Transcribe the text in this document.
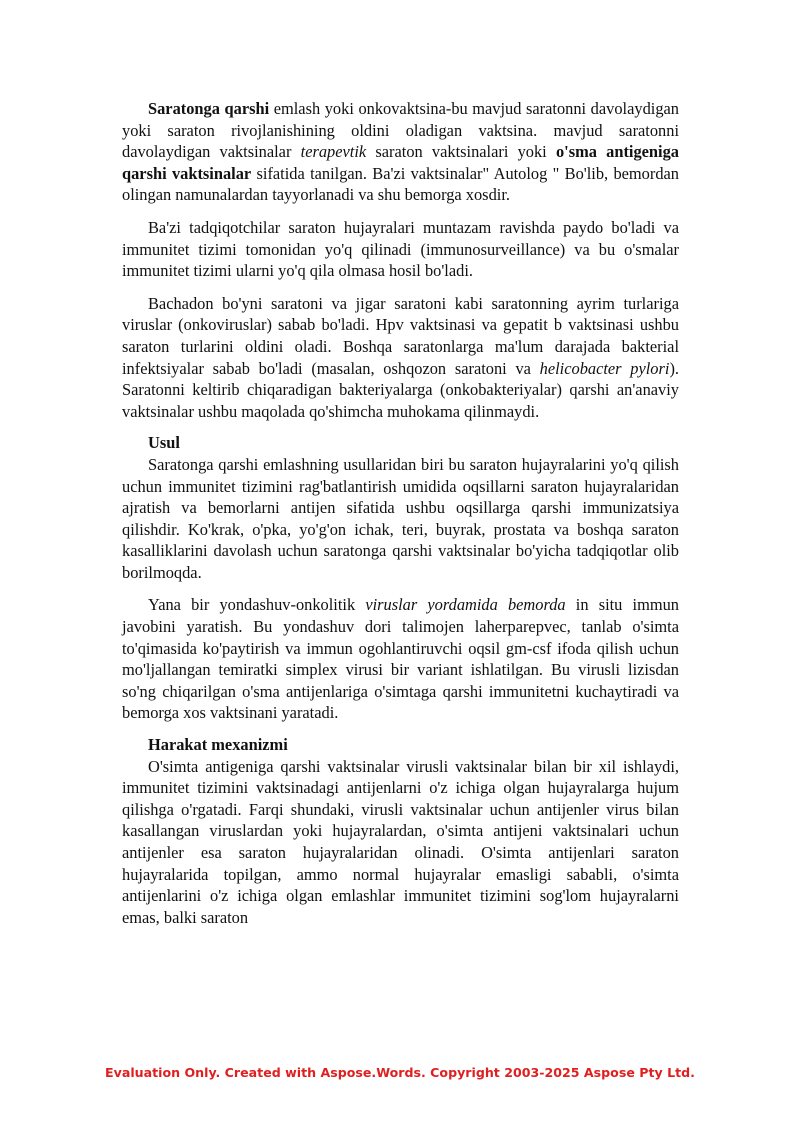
Saratonga qarshi emlash yoki onkovaktsina-bu mavjud saratonni davolaydigan yoki saraton rivojlanishining oldini oladigan vaktsina. mavjud saratonni davolaydigan vaktsinalar terapevtik saraton vaktsinalari yoki o'sma antigeniga qarshi vaktsinalar sifatida tanilgan. Ba'zi vaktsinalar" Autolog " Bo'lib, bemordan olingan namunalardan tayyorlanadi va shu bemorga xosdir.

Ba'zi tadqiqotchilar saraton hujayralari muntazam ravishda paydo bo'ladi va immunitet tizimi tomonidan yo'q qilinadi (immunosurveillance) va bu o'smalar immunitet tizimi ularni yo'q qila olmasa hosil bo'ladi.

Bachadon bo'yni saratoni va jigar saratoni kabi saratonning ayrim turlariga viruslar (onkoviruslar) sabab bo'ladi. Hpv vaktsinasi va gepatit b vaktsinasi ushbu saraton turlarini oldini oladi. Boshqa saratonlarga ma'lum darajada bakterial infektsiyalar sabab bo'ladi (masalan, oshqozon saratoni va helicobacter pylori). Saratonni keltirib chiqaradigan bakteriyalarga (onkobakteriyalar) qarshi an'anaviy vaktsinalar ushbu maqolada qo'shimcha muhokama qilinmaydi.

Usul

Saratonga qarshi emlashning usullaridan biri bu saraton hujayralarini yo'q qilish uchun immunitet tizimini rag'batlantirish umidida oqsillarni saraton hujayralaridan ajratish va bemorlarni antijen sifatida ushbu oqsillarga qarshi immunizatsiya qilishdir. Ko'krak, o'pka, yo'g'on ichak, teri, buyrak, prostata va boshqa saraton kasalliklarini davolash uchun saratonga qarshi vaktsinalar bo'yicha tadqiqotlar olib borilmoqda.

Yana bir yondashuv-onkolitik viruslar yordamida bemorda in situ immun javobini yaratish. Bu yondashuv dori talimojen laherparepvec, tanlab o'simta to'qimasida ko'paytirish va immun ogohlantiruvchi oqsil gm-csf ifoda qilish uchun mo'ljallangan temiratki simplex virusi bir variant ishlatilgan. Bu virusli lizisdan so'ng chiqarilgan o'sma antijenlariga o'simtaga qarshi immunitetni kuchaytiradi va bemorga xos vaktsinani yaratadi.

Harakat mexanizmi

O'simta antigeniga qarshi vaktsinalar virusli vaktsinalar bilan bir xil ishlaydi, immunitet tizimini vaktsinadagi antijenlarni o'z ichiga olgan hujayralarga hujum qilishga o'rgatadi. Farqi shundaki, virusli vaktsinalar uchun antijenler virus bilan kasallangan viruslardan yoki hujayralardan, o'simta antijeni vaktsinalari uchun antijenler esa saraton hujayralaridan olinadi. O'simta antijenlari saraton hujayralarida topilgan, ammo normal hujayralar emasligi sababli, o'simta antijenlarini o'z ichiga olgan emlashlar immunitet tizimini sog'lom hujayralarni emas, balki saraton

Evaluation Only. Created with Aspose.Words. Copyright 2003-2025 Aspose Pty Ltd.
